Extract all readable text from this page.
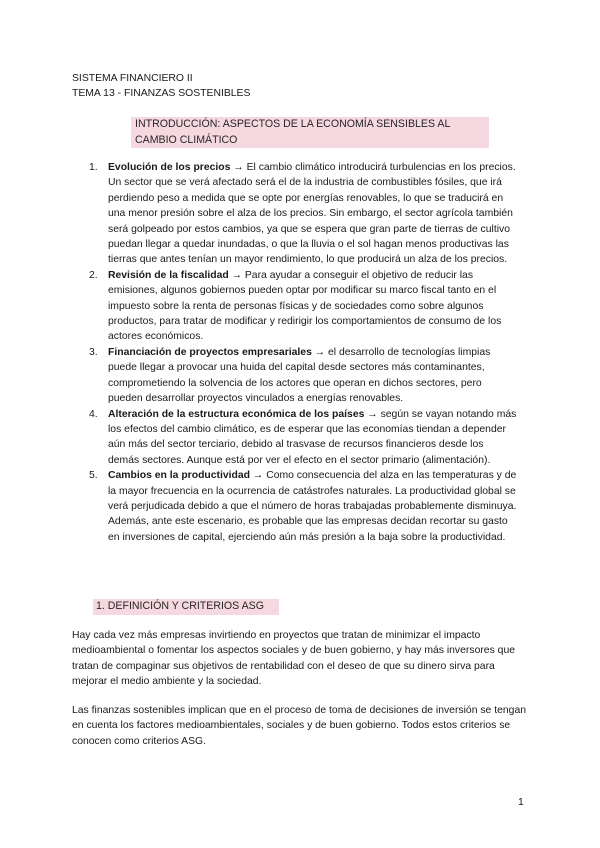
SISTEMA FINANCIERO II
TEMA 13 - FINANZAS SOSTENIBLES
INTRODUCCIÓN: ASPECTOS DE LA ECONOMÍA SENSIBLES AL CAMBIO CLIMÁTICO
1. Evolución de los precios → El cambio climático introducirá turbulencias en los precios. Un sector que se verá afectado será el de la industria de combustibles fósiles, que irá perdiendo peso a medida que se opte por energías renovables, lo que se traducirá en una menor presión sobre el alza de los precios. Sin embargo, el sector agrícola también será golpeado por estos cambios, ya que se espera que gran parte de tierras de cultivo puedan llegar a quedar inundadas, o que la lluvia o el sol hagan menos productivas las tierras que antes tenían un mayor rendimiento, lo que producirá un alza de los precios.
2. Revisión de la fiscalidad → Para ayudar a conseguir el objetivo de reducir las emisiones, algunos gobiernos pueden optar por modificar su marco fiscal tanto en el impuesto sobre la renta de personas físicas y de sociedades como sobre algunos productos, para tratar de modificar y redirigir los comportamientos de consumo de los actores económicos.
3. Financiación de proyectos empresariales → el desarrollo de tecnologías limpias puede llegar a provocar una huida del capital desde sectores más contaminantes, comprometiendo la solvencia de los actores que operan en dichos sectores, pero pueden desarrollar proyectos vinculados a energías renovables.
4. Alteración de la estructura económica de los países → según se vayan notando más los efectos del cambio climático, es de esperar que las economías tiendan a depender aún más del sector terciario, debido al trasvase de recursos financieros desde los demás sectores. Aunque está por ver el efecto en el sector primario (alimentación).
5. Cambios en la productividad → Como consecuencia del alza en las temperaturas y de la mayor frecuencia en la ocurrencia de catástrofes naturales. La productividad global se verá perjudicada debido a que el número de horas trabajadas probablemente disminuya. Además, ante este escenario, es probable que las empresas decidan recortar su gasto en inversiones de capital, ejerciendo aún más presión a la baja sobre la productividad.
1. DEFINICIÓN Y CRITERIOS ASG

Hay cada vez más empresas invirtiendo en proyectos que tratan de minimizar el impacto medioambiental o fomentar los aspectos sociales y de buen gobierno, y hay más inversores que tratan de compaginar sus objetivos de rentabilidad con el deseo de que su dinero sirva para mejorar el medio ambiente y la sociedad.

Las finanzas sostenibles implican que en el proceso de toma de decisiones de inversión se tengan en cuenta los factores medioambientales, sociales y de buen gobierno. Todos estos criterios se conocen como criterios ASG.

1
